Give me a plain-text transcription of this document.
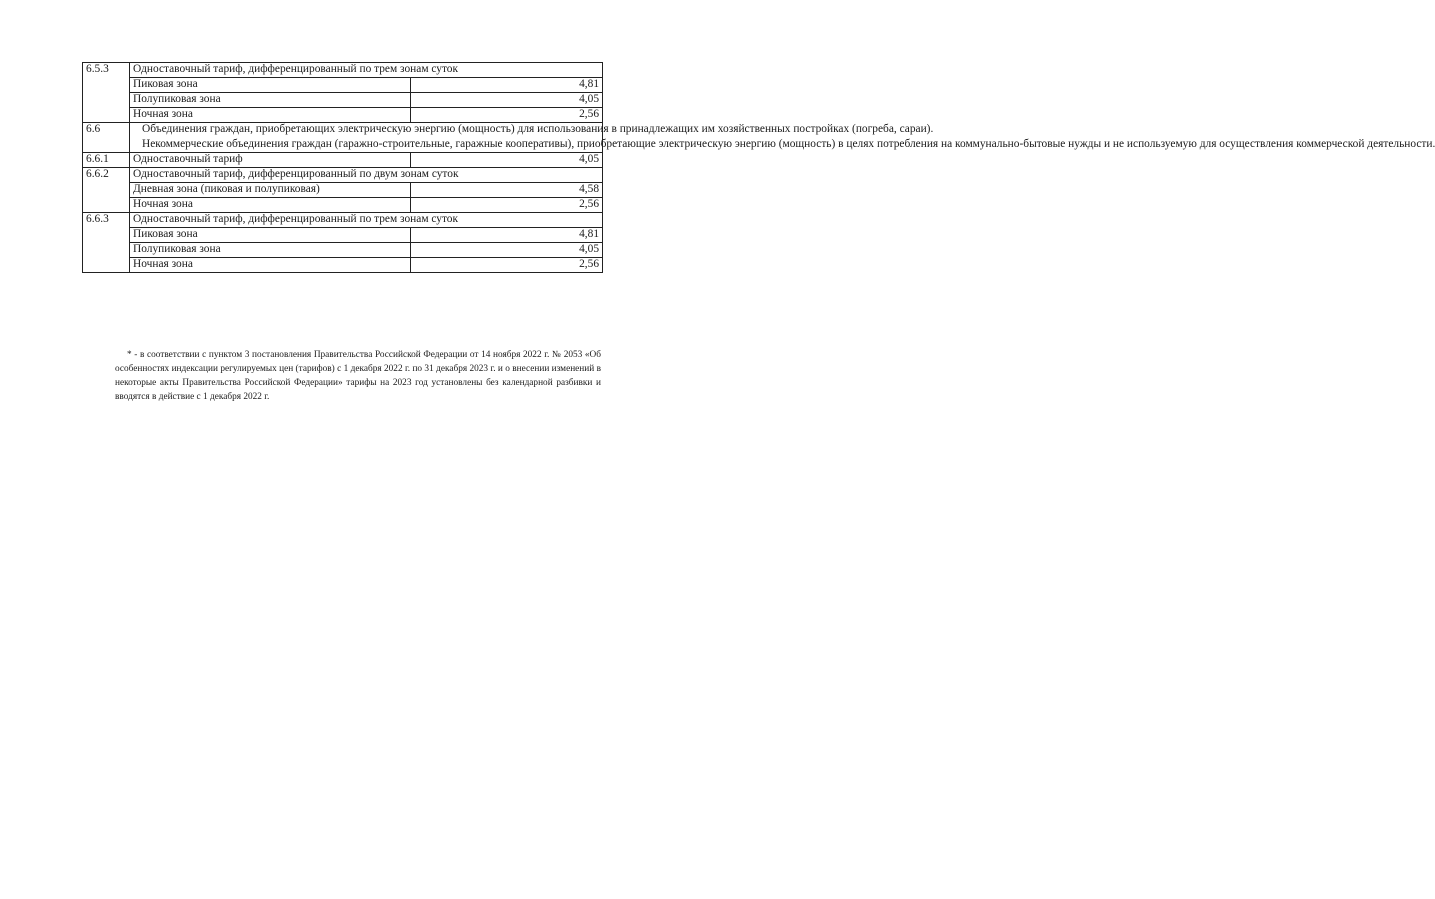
6.5.3	Одноставочный тариф, дифференцированный по трем зонам суток	
	Пиковая зона	4,81
	Полупиковая зона	4,05
	Ночная зона	2,56
6.6	Объединения граждан, приобретающих электрическую энергию (мощность) для использования в принадлежащих им хозяйственных постройках (погреба, сараи).

Некоммерческие объединения граждан (гаражно-строительные, гаражные кооперативы), приобретающие электрическую энергию (мощность) в целях потребления на коммунально-бытовые нужды и не используемую для осуществления коммерческой деятельности.	

6.6.1	Одноставочный тариф	4,05
6.6.2	Одноставочный тариф, дифференцированный по двум зонам суток	
	Дневная зона (пиковая и полупиковая)	4,58
	Ночная зона	2,56
6.6.3	Одноставочный тариф, дифференцированный по трем зонам суток	
	Пиковая зона	4,81
	Полупиковая зона	4,05
	Ночная зона	2,56

* - в соответствии с пунктом 3 постановления Правительства Российской Федерации от 14 ноября 2022 г. № 2053 «Об особенностях индексации регулируемых цен (тарифов) с 1 декабря 2022 г. по 31 декабря 2023 г. и о внесении изменений в некоторые акты Правительства Российской Федерации» тарифы на 2023 год установлены без календарной разбивки и вводятся в действие с 1 декабря 2022 г.
